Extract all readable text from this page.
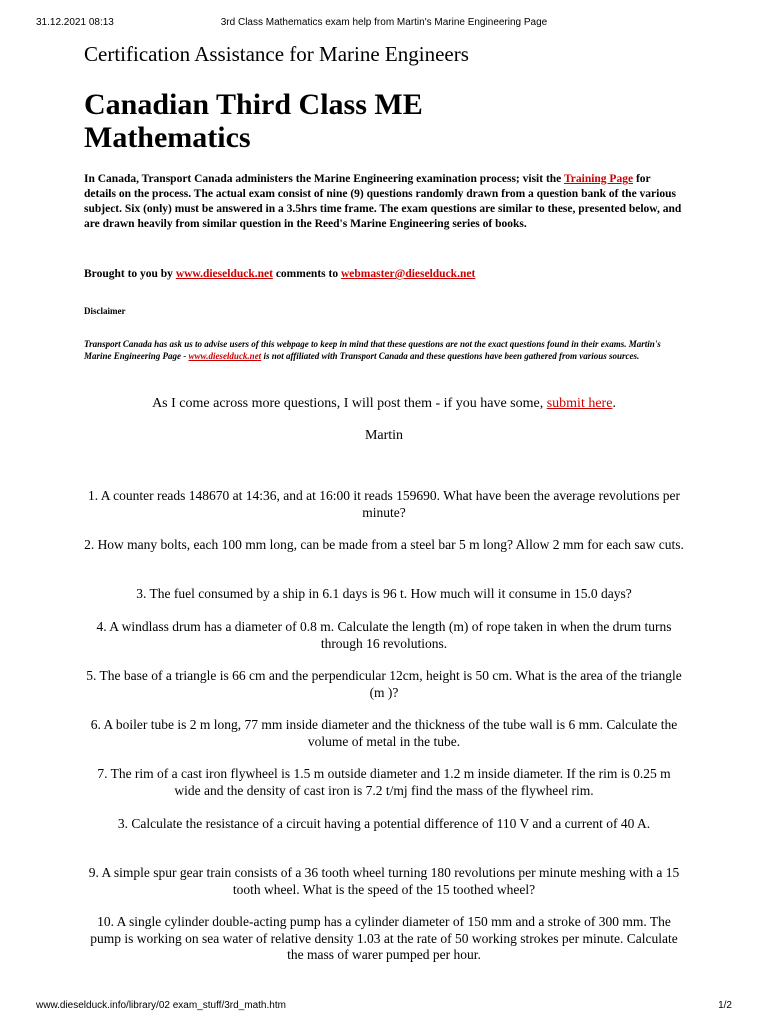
31.12.2021 08:13	3rd Class Mathematics exam help from Martin's Marine Engineering Page
Certification Assistance for Marine Engineers
Canadian Third Class ME
Mathematics

In Canada, Transport Canada administers the Marine Engineering examination process; visit the Training Page for details on the process. The actual exam consist of nine (9) questions randomly drawn from a question bank of the various subject. Six (only) must be answered in a 3.5hrs time frame. The exam questions are similar to these, presented below, and are drawn heavily from similar question in the Reed's Marine Engineering series of books.

Brought to you by www.dieselduck.net comments to webmaster@dieselduck.net

Disclaimer

Transport Canada has ask us to advise users of this webpage to keep in mind that these questions are not the exact questions found in their exams. Martin's Marine Engineering Page - www.dieselduck.net is not affiliated with Transport Canada and these questions have been gathered from various sources.

As I come across more questions, I will post them - if you have some, submit here.
Martin

1. A counter reads 148670 at 14:36, and at 16:00 it reads 159690. What have been the average revolutions per minute?

2. How many bolts, each 100 mm long, can be made from a steel bar 5 m long? Allow 2 mm for each saw cuts.

3. The fuel consumed by a ship in 6.1 days is 96 t. How much will it consume in 15.0 days?

4. A windlass drum has a diameter of 0.8 m. Calculate the length (m) of rope taken in when the drum turns through 16 revolutions.

5. The base of a triangle is 66 cm and the perpendicular 12cm, height is 50 cm. What is the area of the triangle (m )?

6. A boiler tube is 2 m long, 77 mm inside diameter and the thickness of the tube wall is 6 mm. Calculate the volume of metal in the tube.

7. The rim of a cast iron flywheel is 1.5 m outside diameter and 1.2 m inside diameter. If the rim is 0.25 m wide and the density of cast iron is 7.2 t/mj find the mass of the flywheel rim.

3. Calculate the resistance of a circuit having a potential difference of 110 V and a current of 40 A.

9. A simple spur gear train consists of a 36 tooth wheel turning 180 revolutions per minute meshing with a 15 tooth wheel. What is the speed of the 15 toothed wheel?

10. A single cylinder double-acting pump has a cylinder diameter of 150 mm and a stroke of 300 mm. The pump is working on sea water of relative density 1.03 at the rate of 50 working strokes per minute. Calculate the mass of warer pumped per hour.

www.dieselduck.info/library/02 exam_stuff/3rd_math.htm	1/2
